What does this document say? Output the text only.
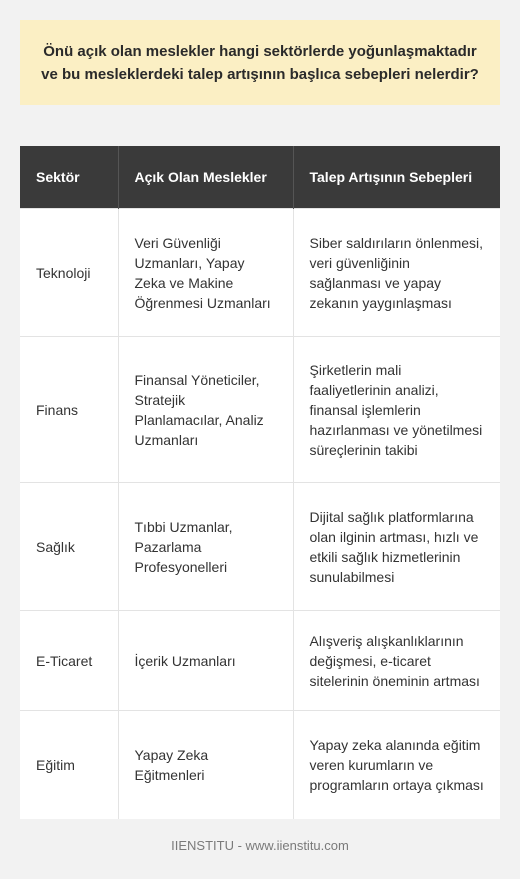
Önü açık olan meslekler hangi sektörlerde yoğunlaşmaktadır ve bu mesleklerdeki talep artışının başlıca sebepleri nelerdir?
Sektör	Açık Olan Meslekler	Talep Artışının Sebepleri
Teknoloji	Veri Güvenliği Uzmanları, Yapay Zeka ve Makine Öğrenmesi Uzmanları	Siber saldırıların önlenmesi, veri güvenliğinin sağlanması ve yapay zekanın yaygınlaşması
Finans	Finansal Yöneticiler, Stratejik Planlamacılar, Analiz Uzmanları	Şirketlerin mali faaliyetlerinin analizi, finansal işlemlerin hazırlanması ve yönetilmesi süreçlerinin takibi
Sağlık	Tıbbi Uzmanlar, Pazarlama Profesyonelleri	Dijital sağlık platformlarına olan ilginin artması, hızlı ve etkili sağlık hizmetlerinin sunulabilmesi
E-Ticaret	İçerik Uzmanları	Alışveriş alışkanlıklarının değişmesi, e-ticaret sitelerinin öneminin artması
Eğitim	Yapay Zeka Eğitmenleri	Yapay zeka alanında eğitim veren kurumların ve programların ortaya çıkması
IIENSTITU - www.iienstitu.com
